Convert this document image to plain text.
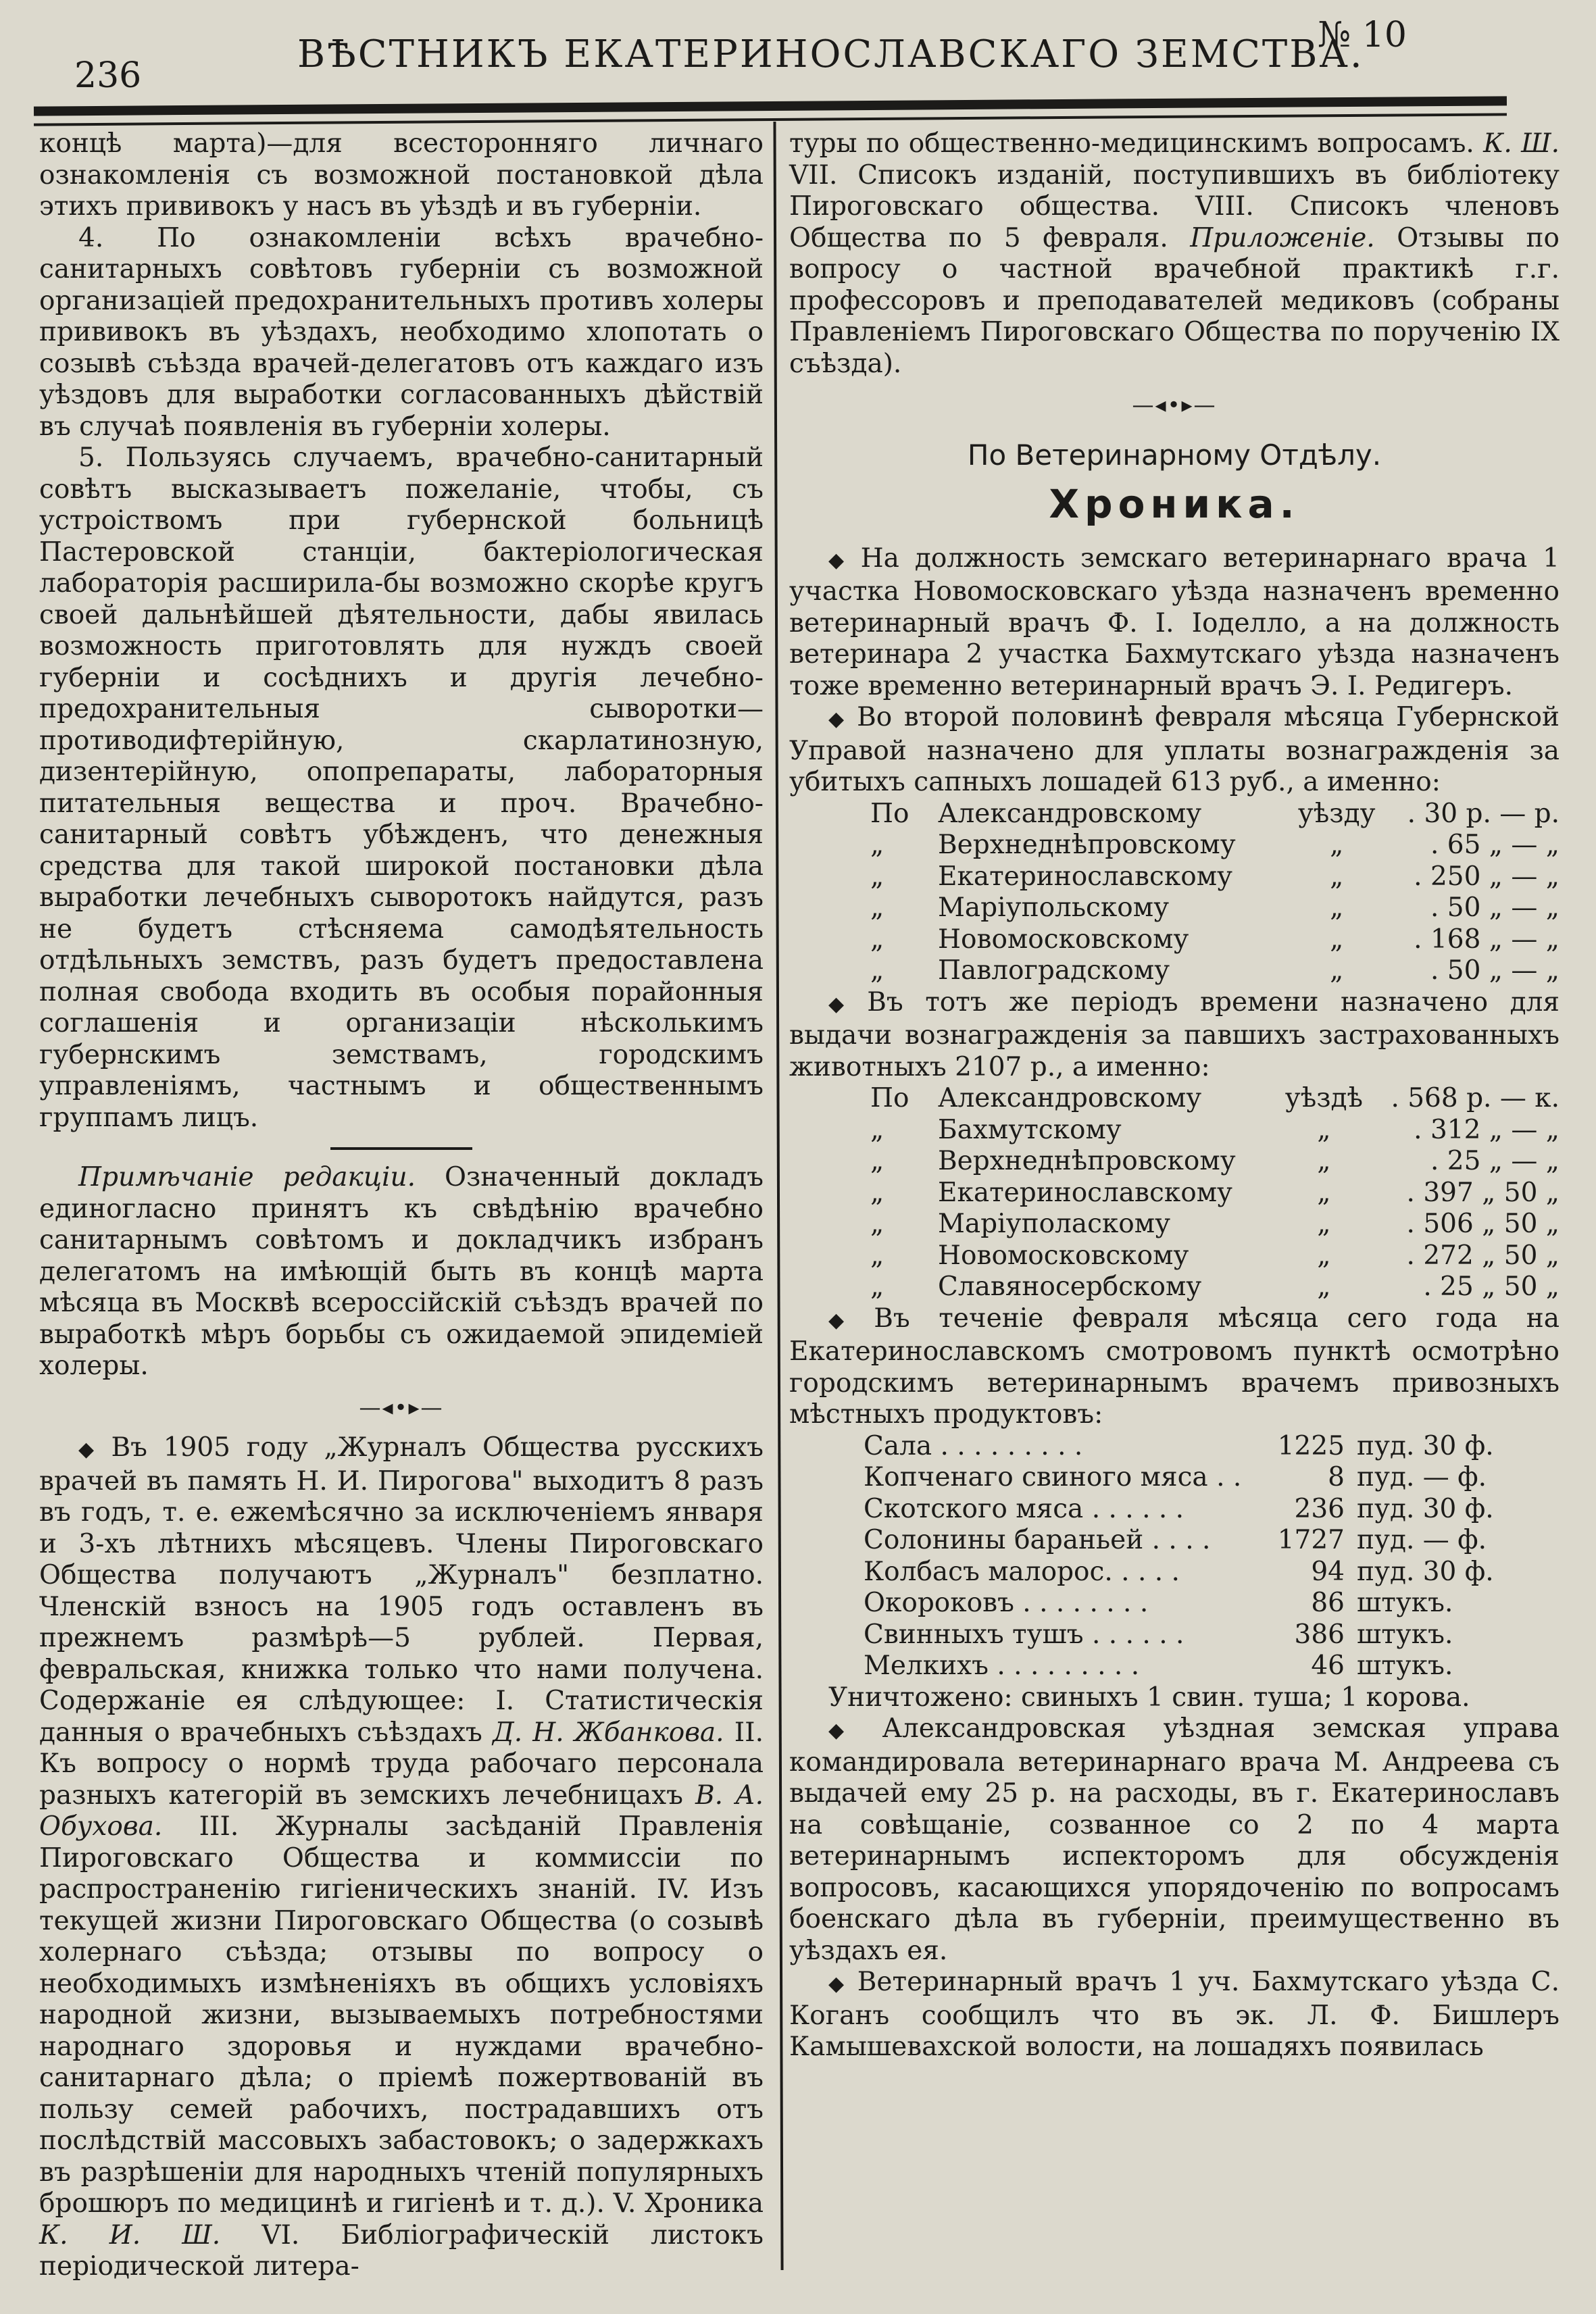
236	ВѢСТНИКЪ ЕКАТЕРИНОСЛАВСКАГО ЗЕМСТВА.
№ 10

концѣ марта)—для всесторонняго личнаго ознакомленія съ возможной постановкой дѣла этихъ прививокъ у насъ въ уѣздѣ и въ губерніи.

4. По ознакомленіи всѣхъ врачебно-санитарныхъ совѣтовъ губерніи съ возможной организацiей предохранительныхъ противъ холеры прививокъ въ уѣздахъ, необходимо хлопотать о созывѣ съѣзда врачей-делегатовъ отъ каждаго изъ уѣздовъ для выработки согласованныхъ дѣйствій въ случаѣ появленія въ губерніи холеры.

5. Пользуясь случаемъ, врачебно-санитарный совѣтъ высказываетъ пожеланіе, чтобы, съ устроiствомъ при губернской больницѣ Пастеровской станціи, бактеріологическая лабораторія расширила-бы возможно скорѣе кругъ своей дальнѣйшей дѣятельности, дабы явилась возможность приготовлять для нуждъ своей губерніи и сосѣднихъ и другія лечебно-предохранительныя сыворотки—противодифтерiйную, скарлатинозную, дизентерiйную, опопрепараты, лабораторныя питательныя вещества и проч. Врачебно-санитарный совѣтъ убѣжденъ, что денежныя средства для такой широкой постановки дѣла выработки лечебныхъ сыворотокъ найдутся, разъ не будетъ стѣсняема самодѣятельность отдѣльныхъ земствъ, разъ будетъ предоставлена полная свобода входить въ особыя порайонныя соглашенія и организаціи нѣсколькимъ губернскимъ земствамъ, городскимъ управленіямъ, частнымъ и общественнымъ группамъ лицъ.

Примѣчаніе редакціи. Означенный докладъ единогласно принятъ къ свѣдѣнію врачебно санитарнымъ совѣтомъ и докладчикъ избранъ делегатомъ на имѣющій быть въ концѣ марта мѣсяца въ Москвѣ всероссійскій съѣздъ врачей по выработкѣ мѣръ борьбы съ ожидаемой эпидеміей холеры.

—◂•▸—

◆ Въ 1905 году „Журналъ Общества русскихъ врачей въ память Н. И. Пирогова" выходитъ 8 разъ въ годъ, т. е. ежемѣсячно за исключеніемъ января и 3-хъ лѣтнихъ мѣсяцевъ. Члены Пироговскаго Общества получаютъ „Журналъ" безплатно. Членскій взносъ на 1905 годъ оставленъ въ прежнемъ размѣрѣ—5 рублей. Первая, февральская, книжка только что нами получена. Содержаніе ея слѣдующее: I. Статистическія данныя о врачебныхъ съѣздахъ Д. Н. Жбанкова. II. Къ вопросу о нормѣ труда рабочаго персонала разныхъ категорій въ земскихъ лечебницахъ В. А. Обухова. III. Журналы засѣданій Правленія Пироговскаго Общества и коммиссіи по распространенію гигіеническихъ знаній. IV. Изъ текущей жизни Пироговскаго Общества (о созывѣ холернаго съѣзда; отзывы по вопросу о необходимыхъ измѣненіяхъ въ общихъ условіяхъ народной жизни, вызываемыхъ потребностями народнаго здоровья и нуждами врачебно-санитарнаго дѣла; о пріемѣ пожертвованій въ пользу семей рабочихъ, пострадавшихъ отъ послѣдствій массовыхъ забастовокъ; о задержкахъ въ разрѣшеніи для народныхъ чтеній популярныхъ брошюръ по медицинѣ и гигіенѣ и т. д.). V. Хроника К. И. Ш. VI. Библіографическій листокъ періодической литера-

туры по общественно-медицинскимъ вопросамъ. К. Ш. VII. Списокъ изданій, поступившихъ въ библіотеку Пироговскаго общества. VIII. Списокъ членовъ Общества по 5 февраля. Приложеніе. Отзывы по вопросу о частной врачебной практикѣ г.г. профессоровъ и преподавателей медиковъ (собраны Правленіемъ Пироговскаго Общества по порученію IX съѣзда).

—◂•▸—
По Ветеринарному Отдѣлу.
Хроника.

◆ На должность земскаго ветеринарнаго врача 1 участка Новомосковскаго уѣзда назначенъ временно ветеринарный врачъ Ф. I. Іоделло, а на должность ветеринара 2 участка Бахмутскаго уѣзда назначенъ тоже временно ветеринарный врачъ Э. I. Редигеръ.

◆ Во второй половинѣ февраля мѣсяца Губернской Управой назначено для уплаты вознагражденія за убитыхъ сапныхъ лошадей 613 руб., а именно:

По	Александровскому	уѣзду	. 30 р. — р.
„	Верхнеднѣпровскому	„	. 65 „ — „
„	Екатеринославскому	„	. 250 „ — „
„	Маріупольскому	„	. 50 „ — „
„	Новомосковскому	„	. 168 „ — „
„	Павлоградскому	„	. 50 „ — „

◆ Въ тотъ же періодъ времени назначено для выдачи вознагражденія за павшихъ застрахованныхъ животныхъ 2107 р., а именно:

По	Александровскому	уѣздѣ	. 568 р. — к.
„	Бахмутскому	„	. 312 „ — „
„	Верхнеднѣпровскому	„	. 25 „ — „
„	Екатеринославскому	„	. 397 „ 50 „
„	Маріуполаскому	„	. 506 „ 50 „
„	Новомосковскому	„	. 272 „ 50 „
„	Славяносербскому	„	. 25 „ 50 „

◆ Въ теченіе февраля мѣсяца сего года на Екатеринославскомъ смотровомъ пунктѣ осмотрѣно городскимъ ветеринарнымъ врачемъ привозныхъ мѣстныхъ продуктовъ:

Сала . . . . . . . . .	1225	пуд. 30 ф.
Копченаго свиного мяса . .	8	пуд. — ф.
Скотского мяса . . . . . .	236	пуд. 30 ф.
Солонины бараньей . . . .	1727	пуд. — ф.
Колбасъ малорос. . . . .	94	пуд. 30 ф.
Окороковъ . . . . . . . .	86	штукъ.
Свинныхъ тушъ . . . . . .	386	штукъ.
Мелкихъ . . . . . . . . .	46	штукъ.

Уничтожено: свиныхъ 1 свин. туша; 1 корова.

◆ Александровская уѣздная земская управа командировала ветеринарнаго врача М. Андреева съ выдачей ему 25 р. на расходы, въ г. Екатеринославъ на совѣщаніе, созванное со 2 по 4 марта ветеринарнымъ испекторомъ для обсужденія вопросовъ, касающихся упорядоченію по вопросамъ боенскаго дѣла въ губерніи, преимущественно въ уѣздахъ ея.

◆ Ветеринарный врачъ 1 уч. Бахмутскаго уѣзда С. Коганъ сообщилъ что въ эк. Л. Ф. Бишлеръ Камышевахской волости, на лошадяхъ появилась
